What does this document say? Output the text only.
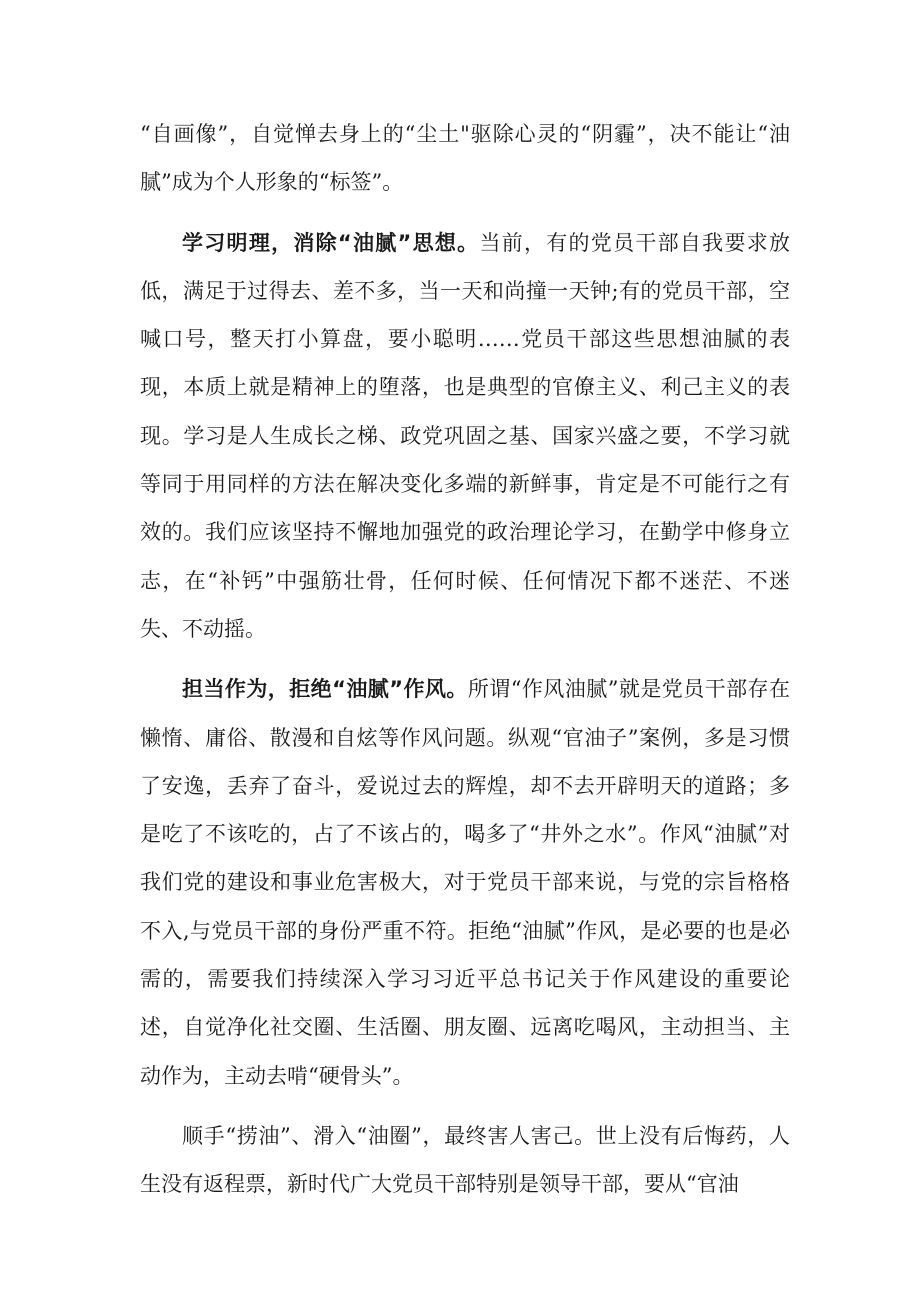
“自画像”，自觉惮去身上的“尘土"驱除心灵的“阴霾”，决不能让“油腻”成为个人形象的“标签”。

学习明理，消除“油腻”思想。当前，有的党员干部自我要求放低，满足于过得去、差不多，当一天和尚撞一天钟;有的党员干部，空喊口号，整天打小算盘，要小聪明……党员干部这些思想油腻的表现，本质上就是精神上的堕落，也是典型的官僚主义、利己主义的表现。学习是人生成长之梯、政党巩固之基、国家兴盛之要，不学习就等同于用同样的方法在解决变化多端的新鲜事，肯定是不可能行之有效的。我们应该坚持不懈地加强党的政治理论学习，在勤学中修身立志，在“补钙”中强筋壮骨，任何时候、任何情况下都不迷茫、不迷失、不动摇。

担当作为，拒绝“油腻”作风。所谓“作风油腻”就是党员干部存在懒惰、庸俗、散漫和自炫等作风问题。纵观“官油子”案例，多是习惯了安逸，丢弃了奋斗，爱说过去的辉煌，却不去开辟明天的道路；多是吃了不该吃的，占了不该占的，喝多了“井外之水”。作风“油腻”对我们党的建设和事业危害极大，对于党员干部来说，与党的宗旨格格不入,与党员干部的身份严重不符。拒绝“油腻”作风，是必要的也是必需的，需要我们持续深入学习习近平总书记关于作风建设的重要论述，自觉净化社交圈、生活圈、朋友圈、远离吃喝风，主动担当、主动作为，主动去啃“硬骨头”。

顺手“捞油”、滑入“油圈”，最终害人害己。世上没有后悔药，人生没有返程票，新时代广大党员干部特别是领导干部，要从“官油
